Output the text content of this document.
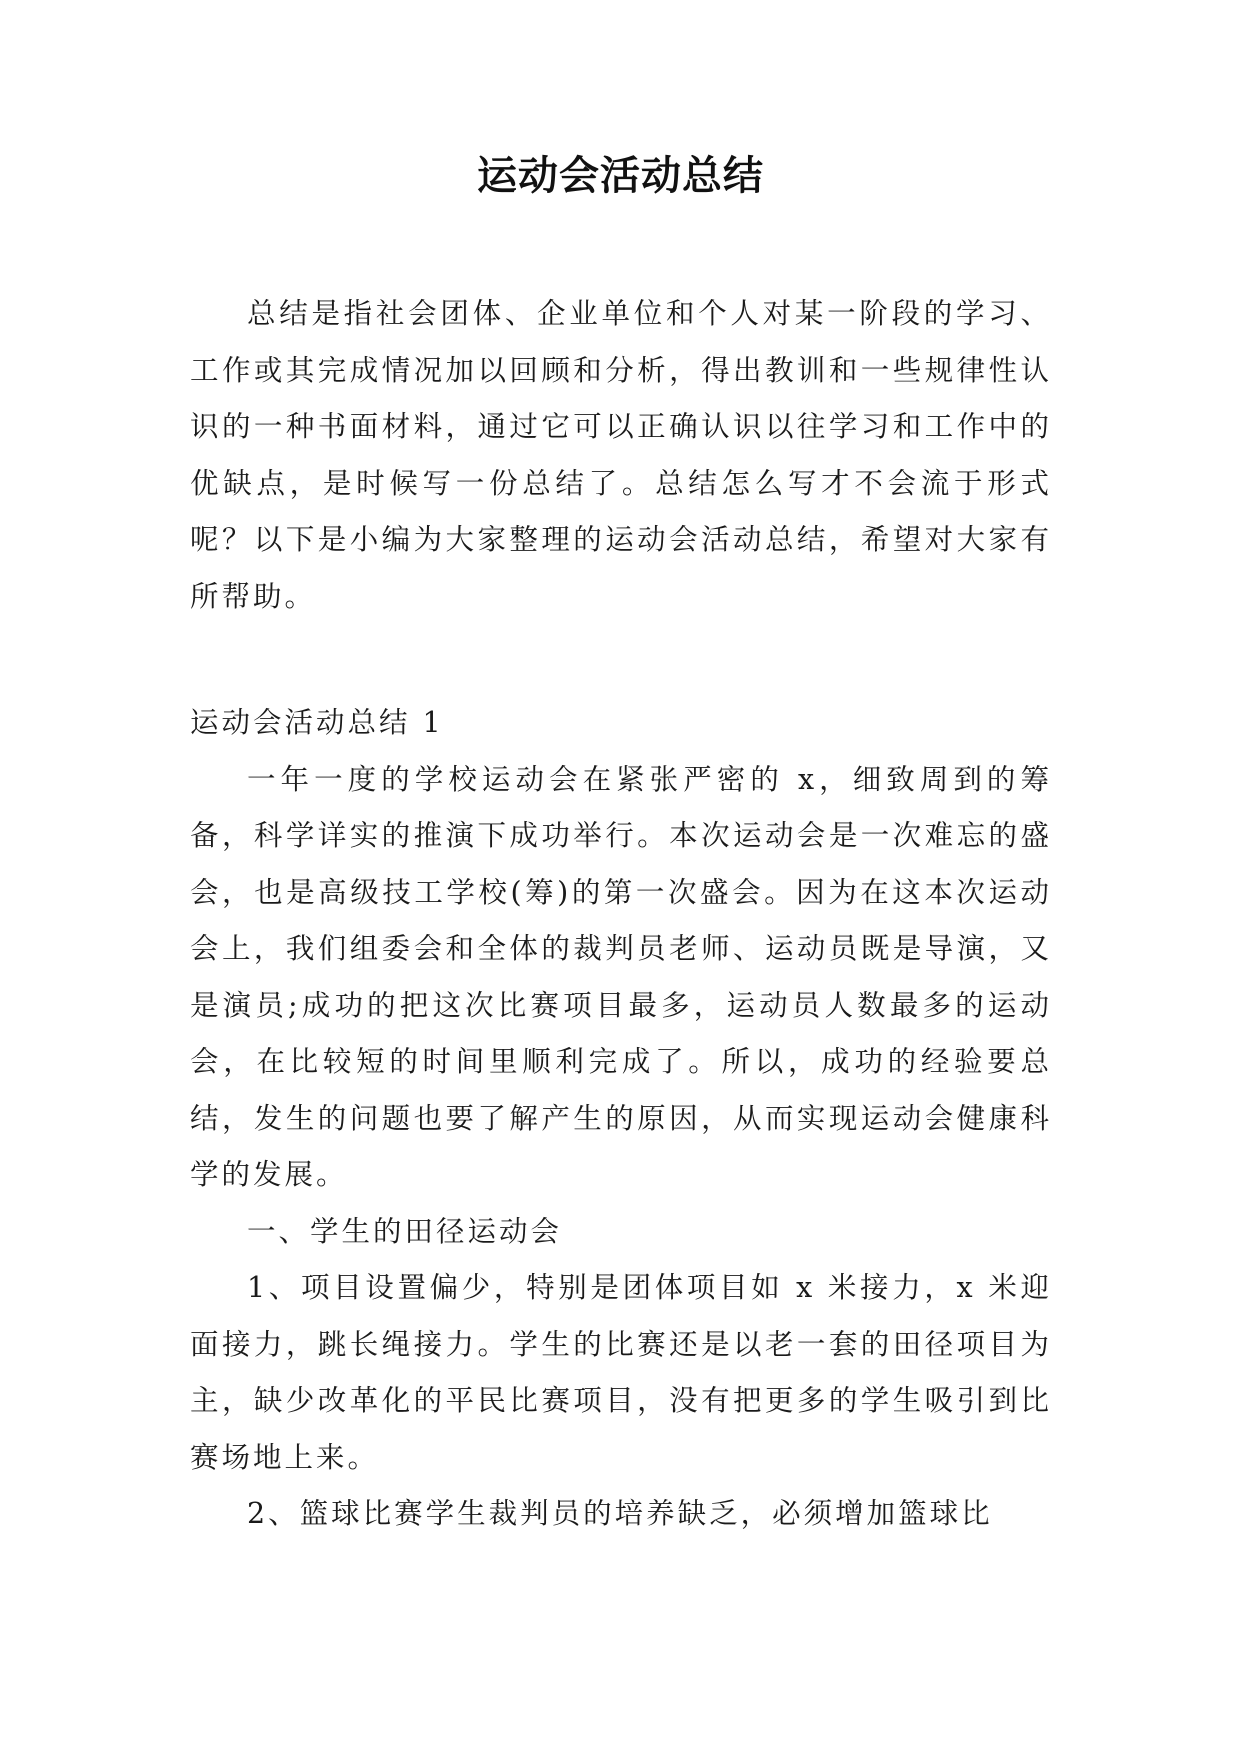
运动会活动总结

总结是指社会团体、企业单位和个人对某一阶段的学习、工作或其完成情况加以回顾和分析，得出教训和一些规律性认识的一种书面材料，通过它可以正确认识以往学习和工作中的优缺点，是时候写一份总结了。总结怎么写才不会流于形式呢？以下是小编为大家整理的运动会活动总结，希望对大家有所帮助。

运动会活动总结 1

一年一度的学校运动会在紧张严密的 x，细致周到的筹备，科学详实的推演下成功举行。本次运动会是一次难忘的盛会，也是高级技工学校(筹)的第一次盛会。因为在这本次运动会上，我们组委会和全体的裁判员老师、运动员既是导演，又是演员;成功的把这次比赛项目最多，运动员人数最多的运动会，在比较短的时间里顺利完成了。所以，成功的经验要总结，发生的问题也要了解产生的原因，从而实现运动会健康科学的发展。

一、学生的田径运动会

1、项目设置偏少，特别是团体项目如 x 米接力，x 米迎面接力，跳长绳接力。学生的比赛还是以老一套的田径项目为主，缺少改革化的平民比赛项目，没有把更多的学生吸引到比赛场地上来。

2、篮球比赛学生裁判员的培养缺乏，必须增加篮球比
